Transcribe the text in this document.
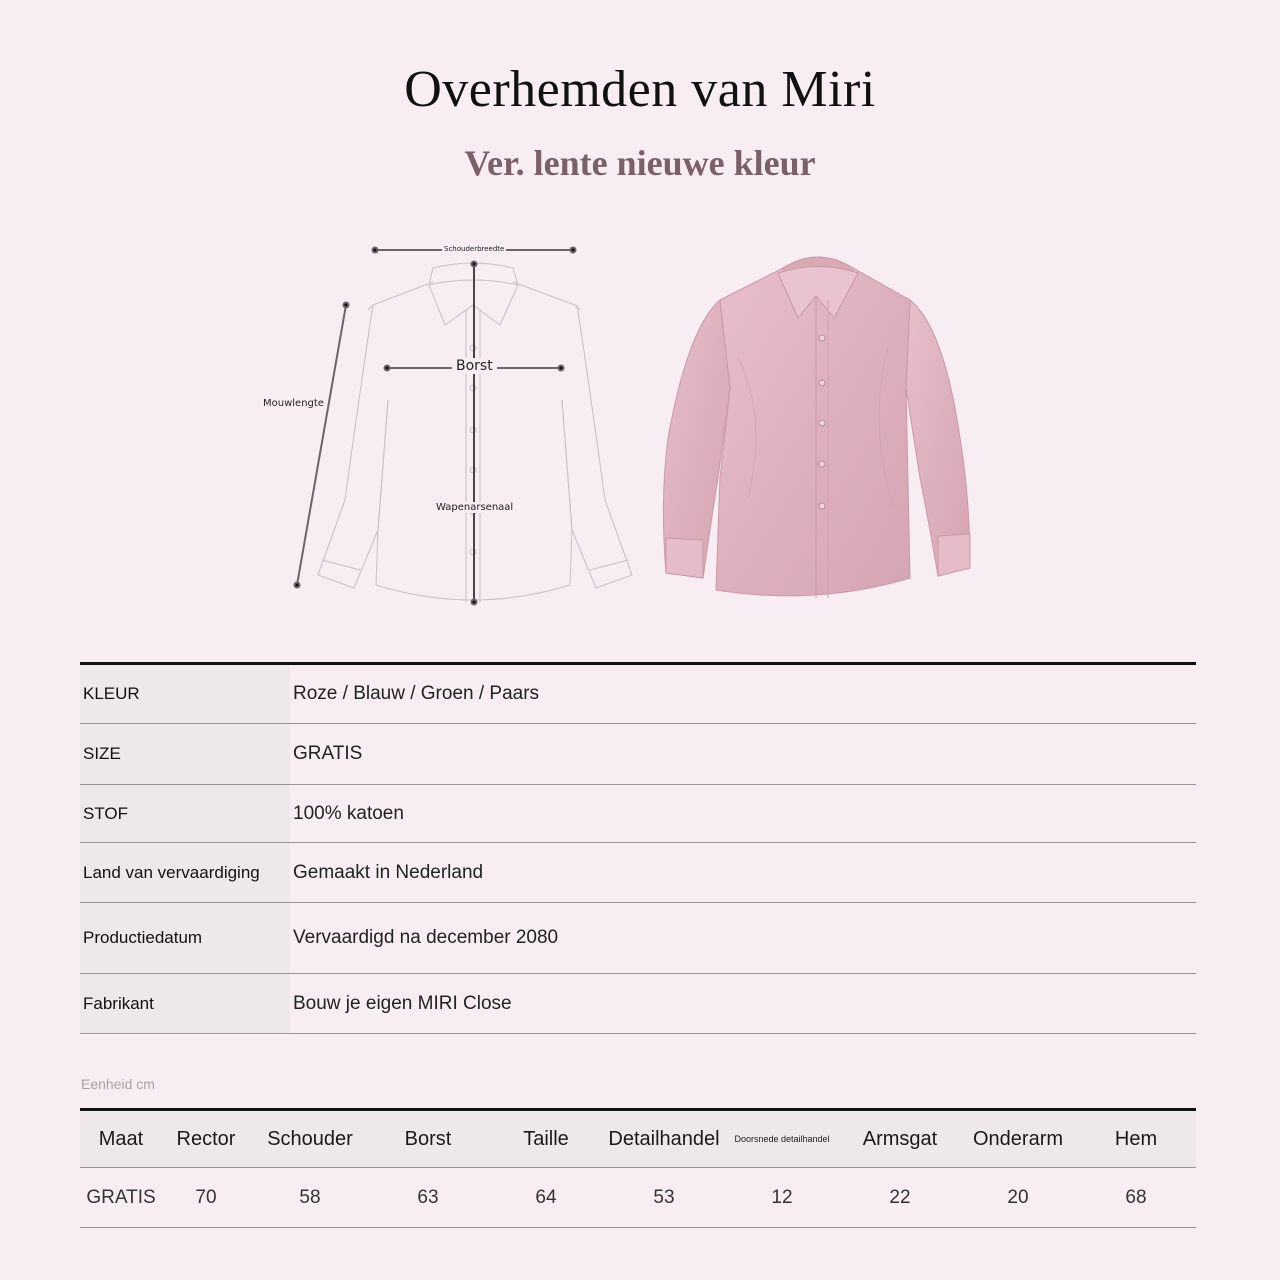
Overhemden van Miri
Ver. lente nieuwe kleur
Schouderbreedte
Borst
Mouwlengte
Wapenarsenaal
KLEUR	Roze / Blauw / Groen / Paars
SIZE	GRATIS
STOF	100% katoen
Land van vervaardiging	Gemaakt in Nederland
Productiedatum	Vervaardigd na december 2080
Fabrikant	Bouw je eigen MIRI Close
Eenheid cm
Maat	Rector	Schouder	Borst	Taille	Detailhandel	Doorsnede detailhandel	Armsgat	Onderarm	Hem
GRATIS	70	58	63	64	53	12	22	20	68
